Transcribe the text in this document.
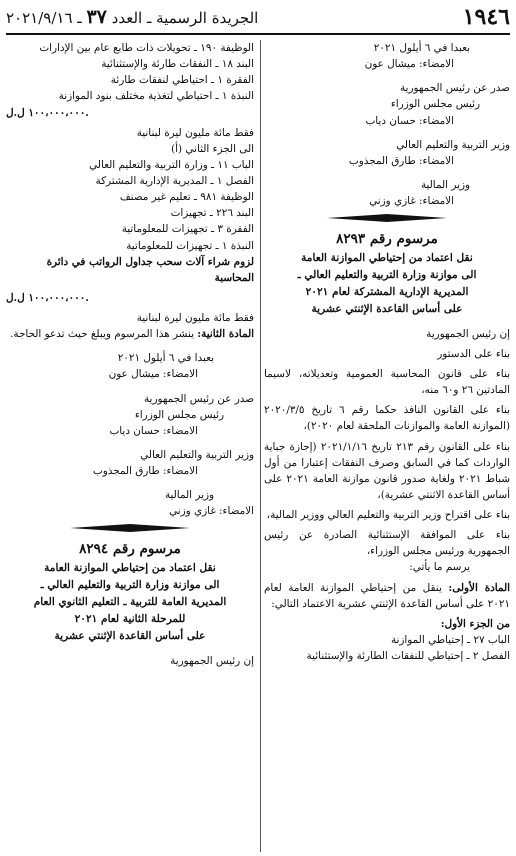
١٩٤٦
الجريدة الرسمية ـ العدد ٣٧ ـ ٢٠٢١/٩/١٦

بعبدا في ٦ أيلول ٢٠٢١

الامضاء: ميشال عون

صدر عن رئيس الجمهورية

رئيس مجلس الوزراء

الامضاء: حسان دياب

وزير التربية والتعليم العالي

الامضاء: طارق المجذوب

وزير المالية

الامضاء: غازي وزني

مرسوم رقم ٨٢٩٣

نقل اعتماد من إحتياطي الموازنة العامة

الى موازنة وزارة التربية والتعليم العالي ـ

المديرية الإدارية المشتركة لعام ٢٠٢١

على أساس القاعدة الإثنتي عشرية

إن رئيس الجمهورية

بناء على الدستور

بناء على قانون المحاسبة العمومية وتعديلاته، لاسيما المادتين ٢٦ و٦٠ منه،

بناء على القانون النافذ حكما رقم ٦ تاريخ ٢٠٢٠/٣/٥ (الموازنة العامة والموازنات الملحقة لعام ٢٠٢٠)،

بناء على القانون رقم ٢١٣ تاريخ ٢٠٢١/١/١٦ (إجازة جباية الواردات كما في السابق وصرف النفقات إعتبارا من أول شباط ٢٠٢١ ولغاية صدور قانون موازنة العامة ٢٠٢١ على أساس القاعدة الاثنتي عشرية)،

بناء على اقتراح وزير التربية والتعليم العالي ووزير المالية،

بناء على الموافقة الإستثنائية الصادرة عن رئيس الجمهورية ورئيس مجلس الوزراء،

يرسم ما يأتي:

المادة الأولى: ينقل من إحتياطي الموازنة العامة لعام ٢٠٢١ على أساس القاعدة الإثنتي عشرية الاعتماد التالي:

من الجزء الأول:

الباب ٢٧ ـ إحتياطي الموازنة

الفصل ٢ ـ إحتياطي للنفقات الطارئة والإستثنائية

الوظيفة ١٩٠ ـ تحويلات ذات طابع عام بين الإدارات

البند ١٨ ـ النفقات طارئة والإستثنائية

الفقرة ١ ـ احتياطي لنفقات طارئة

النبذة ١ ـ احتياطي لتغذية مختلف بنود الموازنة

١٠٠،٠٠٠،٠٠٠ ل.ل.

فقط مائة مليون ليرة لبنانية

الى الجزء الثاني (أ)

الباب ١١ ـ وزارة التربية والتعليم العالي

الفصل ١ ـ المديرية الإدارية المشتركة

الوظيفة ٩٨١ ـ تعليم غير مصنف

البند ٢٢٦ ـ تجهيزات

الفقرة ٣ ـ تجهيزات للمعلوماتية

النبذة ١ ـ تجهيزات للمعلوماتية

لزوم شراء آلات سحب جداول الرواتب في دائرة المحاسبة

١٠٠،٠٠٠،٠٠٠ ل.ل.

فقط مائة مليون ليرة لبنانية

المادة الثانية: ينشر هذا المرسوم ويبلغ حيث تدعو الحاجة.

بعبدا في ٦ أيلول ٢٠٢١

الامضاء: ميشال عون

صدر عن رئيس الجمهورية

رئيس مجلس الوزراء

الامضاء: حسان دياب

وزير التربية والتعليم العالي

الامضاء: طارق المجذوب

وزير المالية

الامضاء: غازي وزني

مرسوم رقم ٨٢٩٤

نقل اعتماد من إحتياطي الموازنة العامة

الى موازنة وزارة التربية والتعليم العالي ـ

المديرية العامة للتربية ـ التعليم الثانوي العام

للمرحلة الثانية لعام ٢٠٢١

على أساس القاعدة الإثنتي عشرية

إن رئيس الجمهورية
